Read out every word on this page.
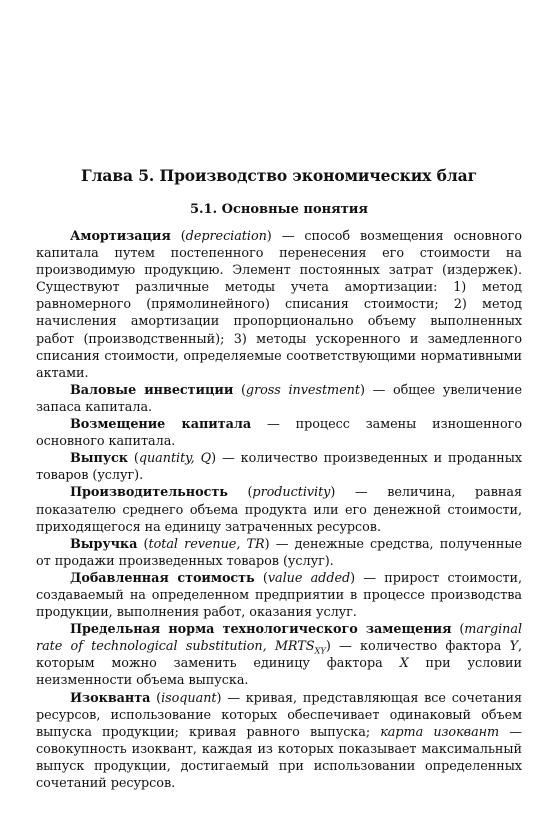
Глава 5. Производство экономических благ
5.1. Основные понятия

Амортизация (depreciation) — способ возмещения основного капитала путем постепенного перенесения его стоимости на производимую продукцию. Элемент постоянных затрат (издержек). Существуют различные методы учета амортизации: 1) метод равномерного (прямолинейного) списания стоимости; 2) метод начисления амортизации пропорционально объему выполненных работ (производственный); 3) методы ускоренного и замедленного списания стоимости, определяемые соответствующими нормативными актами.

Валовые инвестиции (gross investment) — общее увеличение запаса капитала.

Возмещение капитала — процесс замены изношенного основного капитала.

Выпуск (quantity, Q) — количество произведенных и проданных товаров (услуг).

Производительность (productivity) — величина, равная показателю среднего объема продукта или его денежной стоимости, приходящегося на единицу затраченных ресурсов.

Выручка (total revenue, TR) — денежные средства, полученные от продажи произведенных товаров (услуг).

Добавленная стоимость (value added) — прирост стоимости, создаваемый на определенном предприятии в процессе производства продукции, выполнения работ, оказания услуг.

Предельная норма технологического замещения (marginal rate of technological substitution, $MRTS_{XY}$) — количество фактора Y, которым можно заменить единицу фактора X при условии неизменности объема выпуска.

Изокванта (isoquant) — кривая, представляющая все сочетания ресурсов, использование которых обеспечивает одинаковый объем выпуска продукции; кривая равного выпуска; карта изоквант — совокупность изоквант, каждая из которых показывает максимальный выпуск продукции, достигаемый при использовании определенных сочетаний ресурсов.
